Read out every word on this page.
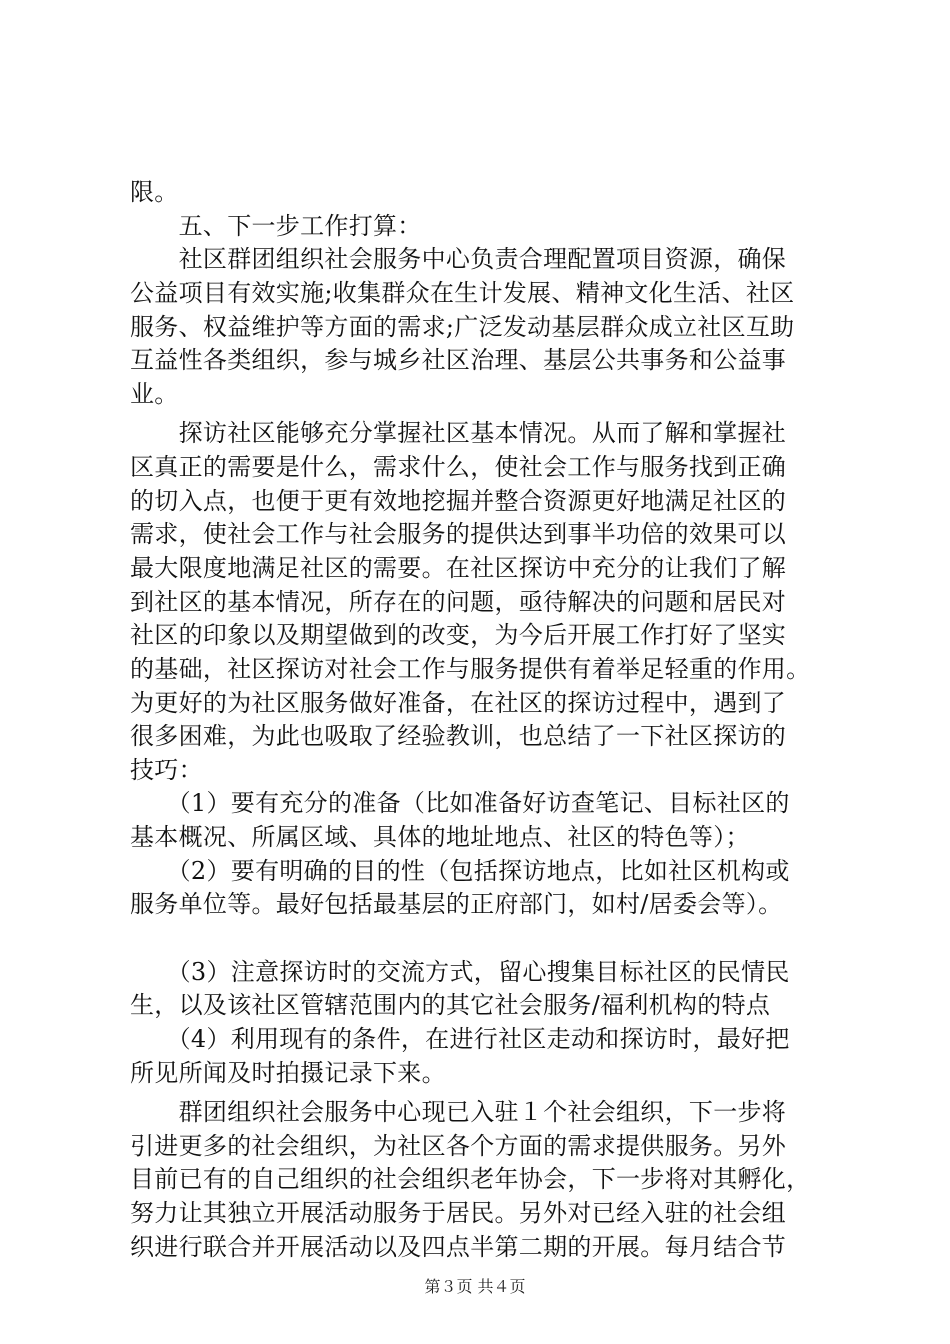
限。
　　五、下一步工作打算：
　　社区群团组织社会服务中心负责合理配置项目资源，确保
公益项目有效实施;收集群众在生计发展、精神文化生活、社区
服务、权益维护等方面的需求;广泛发动基层群众成立社区互助
互益性各类组织，参与城乡社区治理、基层公共事务和公益事
业。
　　探访社区能够充分掌握社区基本情况。从而了解和掌握社
区真正的需要是什么，需求什么，使社会工作与服务找到正确
的切入点，也便于更有效地挖掘并整合资源更好地满足社区的
需求，使社会工作与社会服务的提供达到事半功倍的效果可以
最大限度地满足社区的需要。在社区探访中充分的让我们了解
到社区的基本情况，所存在的问题，亟待解决的问题和居民对
社区的印象以及期望做到的改变，为今后开展工作打好了坚实
的基础，社区探访对社会工作与服务提供有着举足轻重的作用。
为更好的为社区服务做好准备，在社区的探访过程中，遇到了
很多困难，为此也吸取了经验教训，也总结了一下社区探访的
技巧：
　　（1）要有充分的准备（比如准备好访查笔记、目标社区的
基本概况、所属区域、具体的地址地点、社区的特色等）；
　　（2）要有明确的目的性（包括探访地点，比如社区机构或
服务单位等。最好包括最基层的正府部门，如村/居委会等）。
　　（3）注意探访时的交流方式，留心搜集目标社区的民情民
生，以及该社区管辖范围内的其它社会服务/福利机构的特点
　　（4）利用现有的条件，在进行社区走动和探访时，最好把
所见所闻及时拍摄记录下来。
　　群团组织社会服务中心现已入驻１个社会组织，下一步将
引进更多的社会组织，为社区各个方面的需求提供服务。另外
目前已有的自己组织的社会组织老年协会，下一步将对其孵化，
努力让其独立开展活动服务于居民。另外对已经入驻的社会组
织进行联合并开展活动以及四点半第二期的开展。每月结合节
第３页 共４页
